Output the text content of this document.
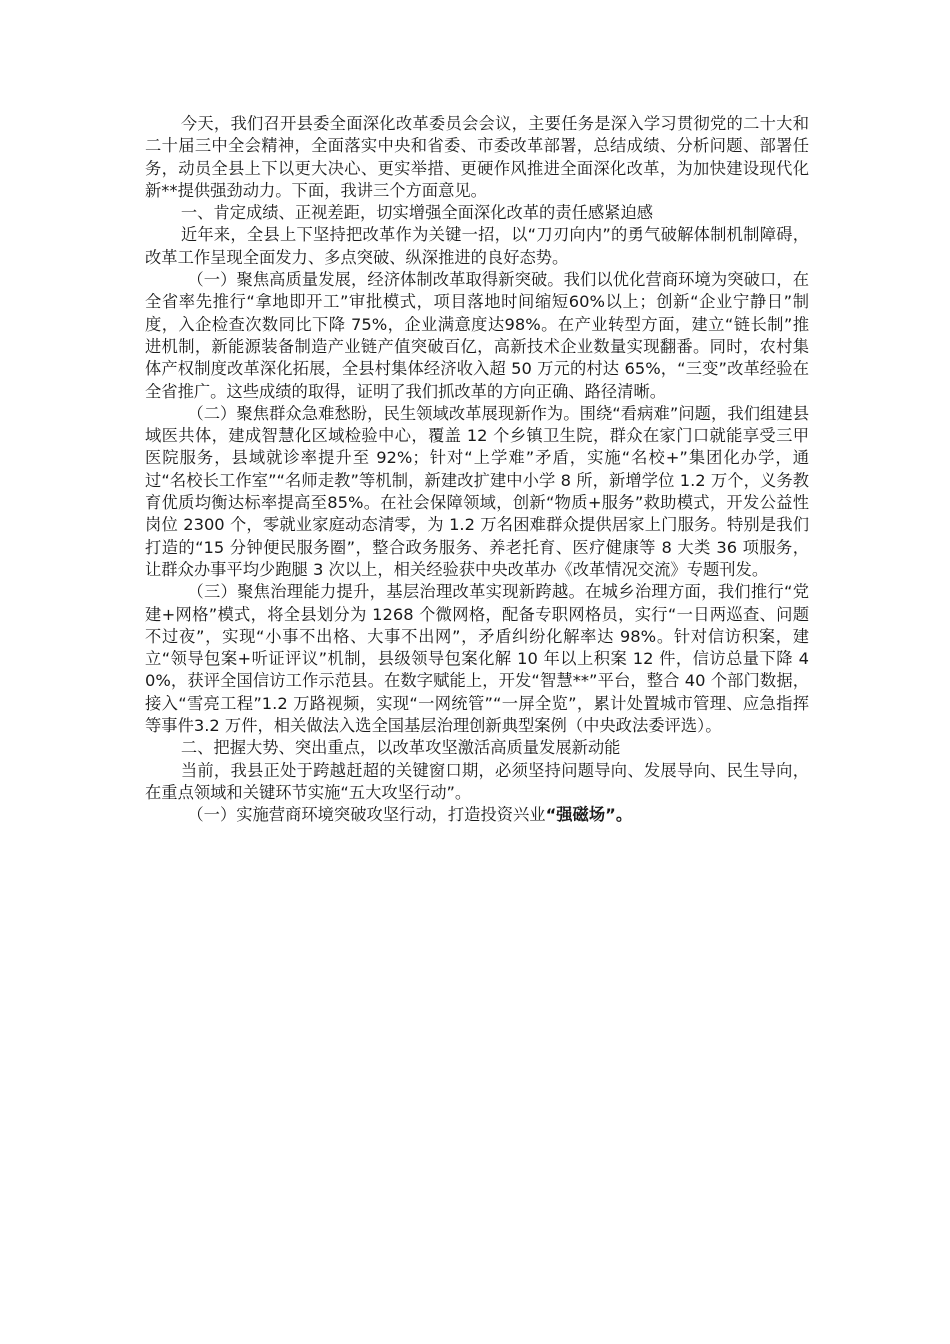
今天，我们召开县委全面深化改革委员会会议，主要任务是深入学习贯彻党的二十大和二十届三中全会精神，全面落实中央和省委、市委改革部署，总结成绩、分析问题、部署任务，动员全县上下以更大决心、更实举措、更硬作风推进全面深化改革，为加快建设现代化新**提供强劲动力。下面，我讲三个方面意见。

一、肯定成绩、正视差距，切实增强全面深化改革的责任感紧迫感

近年来，全县上下坚持把改革作为关键一招，以“刀刃向内”的勇气破解体制机制障碍，改革工作呈现全面发力、多点突破、纵深推进的良好态势。

（一）聚焦高质量发展，经济体制改革取得新突破。我们以优化营商环境为突破口，在全省率先推行“拿地即开工”审批模式，项目落地时间缩短60%以上；创新“企业宁静日”制度，入企检查次数同比下降 75%，企业满意度达98%。在产业转型方面，建立“链长制”推进机制，新能源装备制造产业链产值突破百亿，高新技术企业数量实现翻番。同时，农村集体产权制度改革深化拓展，全县村集体经济收入超 50 万元的村达 65%，“三变”改革经验在全省推广。这些成绩的取得，证明了我们抓改革的方向正确、路径清晰。

（二）聚焦群众急难愁盼，民生领域改革展现新作为。围绕“看病难”问题，我们组建县域医共体，建成智慧化区域检验中心，覆盖 12 个乡镇卫生院，群众在家门口就能享受三甲医院服务，县域就诊率提升至 92%；针对“上学难”矛盾，实施“名校+”集团化办学，通过“名校长工作室”“名师走教”等机制，新建改扩建中小学 8 所，新增学位 1.2 万个，义务教育优质均衡达标率提高至85%。在社会保障领域，创新“物质+服务”救助模式，开发公益性岗位 2300 个，零就业家庭动态清零，为 1.2 万名困难群众提供居家上门服务。特别是我们打造的“15 分钟便民服务圈”，整合政务服务、养老托育、医疗健康等 8 大类 36 项服务，让群众办事平均少跑腿 3 次以上，相关经验获中央改革办《改革情况交流》专题刊发。

（三）聚焦治理能力提升，基层治理改革实现新跨越。在城乡治理方面，我们推行“党建+网格”模式，将全县划分为 1268 个微网格，配备专职网格员，实行“一日两巡查、问题不过夜”，实现“小事不出格、大事不出网”，矛盾纠纷化解率达 98%。针对信访积案，建立“领导包案+听证评议”机制，县级领导包案化解 10 年以上积案 12 件，信访总量下降 40%，获评全国信访工作示范县。在数字赋能上，开发“智慧**”平台，整合 40 个部门数据，接入“雪亮工程”1.2 万路视频，实现“一网统管”“一屏全览”，累计处置城市管理、应急指挥等事件3.2 万件，相关做法入选全国基层治理创新典型案例（中央政法委评选）。

二、把握大势、突出重点，以改革攻坚激活高质量发展新动能

当前，我县正处于跨越赶超的关键窗口期，必须坚持问题导向、发展导向、民生导向，在重点领域和关键环节实施“五大攻坚行动”。

（一）实施营商环境突破攻坚行动，打造投资兴业“强磁场”。
